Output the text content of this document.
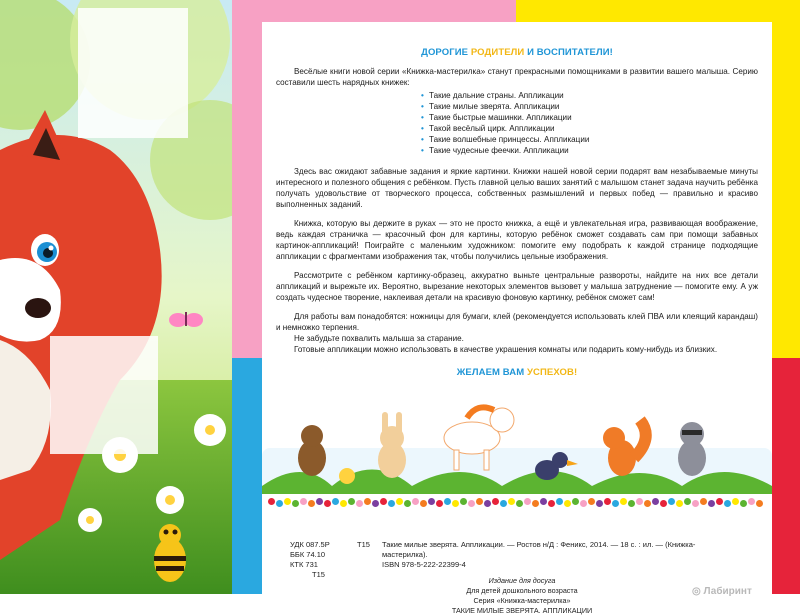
ДОРОГИЕ РОДИТЕЛИ И ВОСПИТАТЕЛИ!

Весёлые книги новой серии «Книжка-мастерилка» станут прекрасными помощниками в развитии вашего малыша. Серию составили шесть нарядных книжек:

• Такие дальние страны. Аппликации
• Такие милые зверята. Аппликации
• Такие быстрые машинки. Аппликации
• Такой весёлый цирк. Аппликации
• Такие волшебные принцессы. Аппликации
• Такие чудесные феечки. Аппликации

Здесь вас ожидают забавные задания и яркие картинки. Книжки нашей новой серии подарят вам незабываемые минуты интересного и полезного общения с ребёнком. Пусть главной целью ваших занятий с малышом станет задача научить ребёнка получать удовольствие от творческого процесса, собственных размышлений и первых побед — правильно и красиво выполненных заданий.

Книжка, которую вы держите в руках — это не просто книжка, а ещё и увлекательная игра, развивающая воображение, ведь каждая страничка — красочный фон для картины, которую ребёнок сможет создавать сам при помощи забавных картинок-аппликаций! Поиграйте с маленьким художником: помогите ему подобрать к каждой странице подходящие аппликации с фрагментами изображения так, чтобы получились цельные изображения.

Рассмотрите с ребёнком картинку-образец, аккуратно выньте центральные развороты, найдите на них все детали аппликаций и вырежьте их. Вероятно, вырезание некоторых элементов вызовет у малыша затруднение — помогите ему. А уж создать чудесное творение, наклеивая детали на красивую фоновую картинку, ребёнок сможет сам!

Для работы вам понадобятся: ножницы для бумаги, клей (рекомендуется использовать клей ПВА или клеящий карандаш) и немножко терпения.

Не забудьте похвалить малыша за старание.

Готовые аппликации можно использовать в качестве украшения комнаты или подарить кому-нибудь из близких.

ЖЕЛАЕМ ВАМ УСПЕХОВ!
УДК 087.5Р
ББК 74.10
КТК 731
Т15
Т15 Такие милые зверята. Аппликации. — Ростов н/Д : Феникс, 2014. — 18 с. : ил. — (Книжка-мастерилка).
ISBN 978-5-222-22399-4
Издание для досуга
Для детей дошкольного возраста
Серия «Книжка-мастерилка»
ТАКИЕ МИЛЫЕ ЗВЕРЯТА. АППЛИКАЦИИ
◎ Лабиринт
